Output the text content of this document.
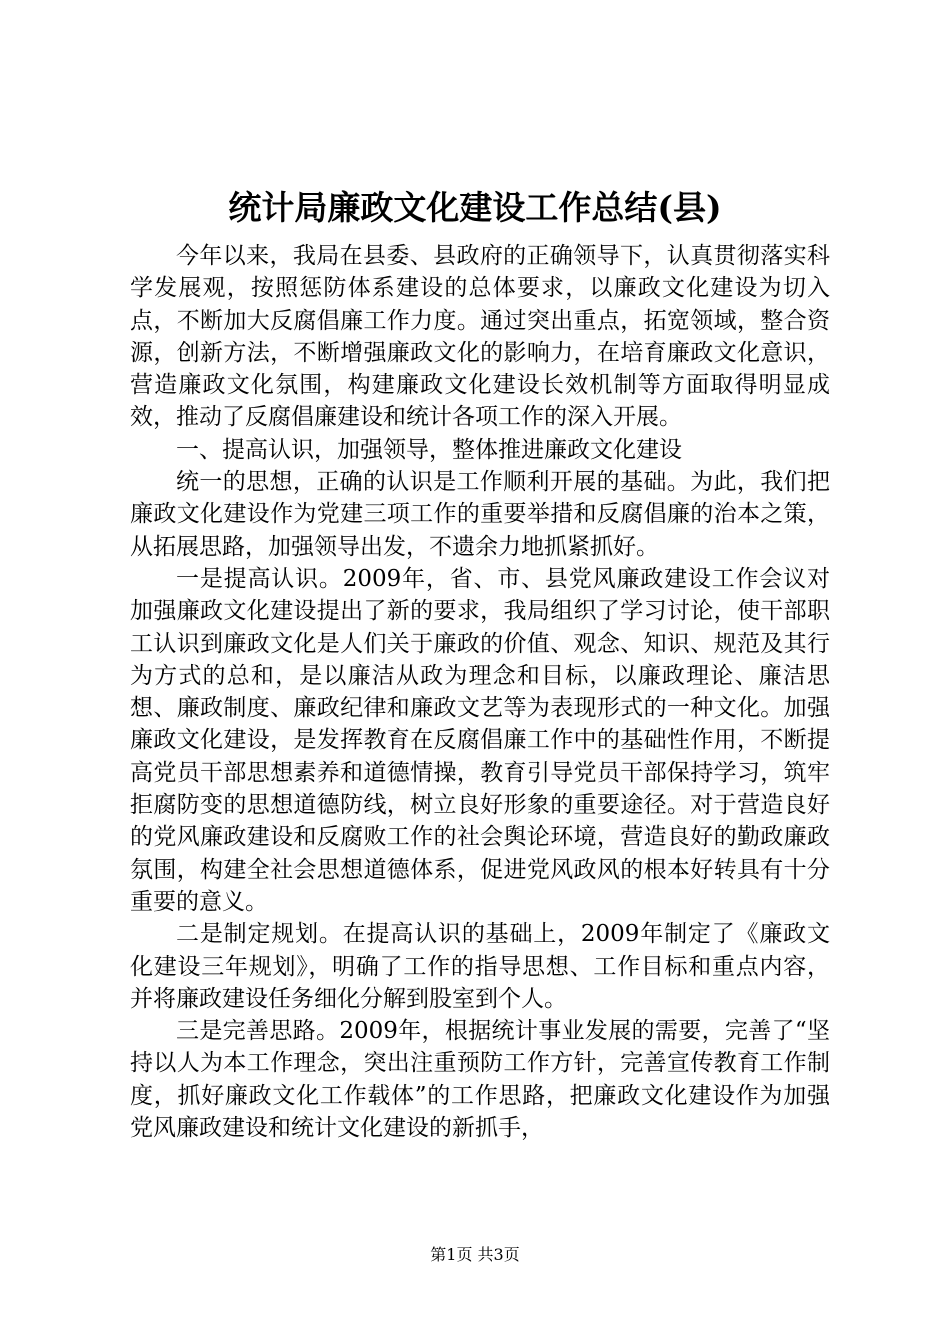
统计局廉政文化建设工作总结(县)

今年以来，我局在县委、县政府的正确领导下，认真贯彻落实科学发展观，按照惩防体系建设的总体要求，以廉政文化建设为切入点，不断加大反腐倡廉工作力度。通过突出重点，拓宽领域，整合资源，创新方法，不断增强廉政文化的影响力，在培育廉政文化意识，营造廉政文化氛围，构建廉政文化建设长效机制等方面取得明显成效，推动了反腐倡廉建设和统计各项工作的深入开展。

一、提高认识，加强领导，整体推进廉政文化建设

统一的思想，正确的认识是工作顺利开展的基础。为此，我们把廉政文化建设作为党建三项工作的重要举措和反腐倡廉的治本之策，从拓展思路，加强领导出发，不遗余力地抓紧抓好。

一是提高认识。2009年，省、市、县党风廉政建设工作会议对加强廉政文化建设提出了新的要求，我局组织了学习讨论，使干部职工认识到廉政文化是人们关于廉政的价值、观念、知识、规范及其行为方式的总和，是以廉洁从政为理念和目标，以廉政理论、廉洁思想、廉政制度、廉政纪律和廉政文艺等为表现形式的一种文化。加强廉政文化建设，是发挥教育在反腐倡廉工作中的基础性作用，不断提高党员干部思想素养和道德情操，教育引导党员干部保持学习，筑牢拒腐防变的思想道德防线，树立良好形象的重要途径。对于营造良好的党风廉政建设和反腐败工作的社会舆论环境，营造良好的勤政廉政氛围，构建全社会思想道德体系，促进党风政风的根本好转具有十分重要的意义。

二是制定规划。在提高认识的基础上，2009年制定了《廉政文化建设三年规划》，明确了工作的指导思想、工作目标和重点内容，并将廉政建设任务细化分解到股室到个人。

三是完善思路。2009年，根据统计事业发展的需要，完善了“坚持以人为本工作理念，突出注重预防工作方针，完善宣传教育工作制度，抓好廉政文化工作载体”的工作思路，把廉政文化建设作为加强党风廉政建设和统计文化建设的新抓手，

第1页 共3页
